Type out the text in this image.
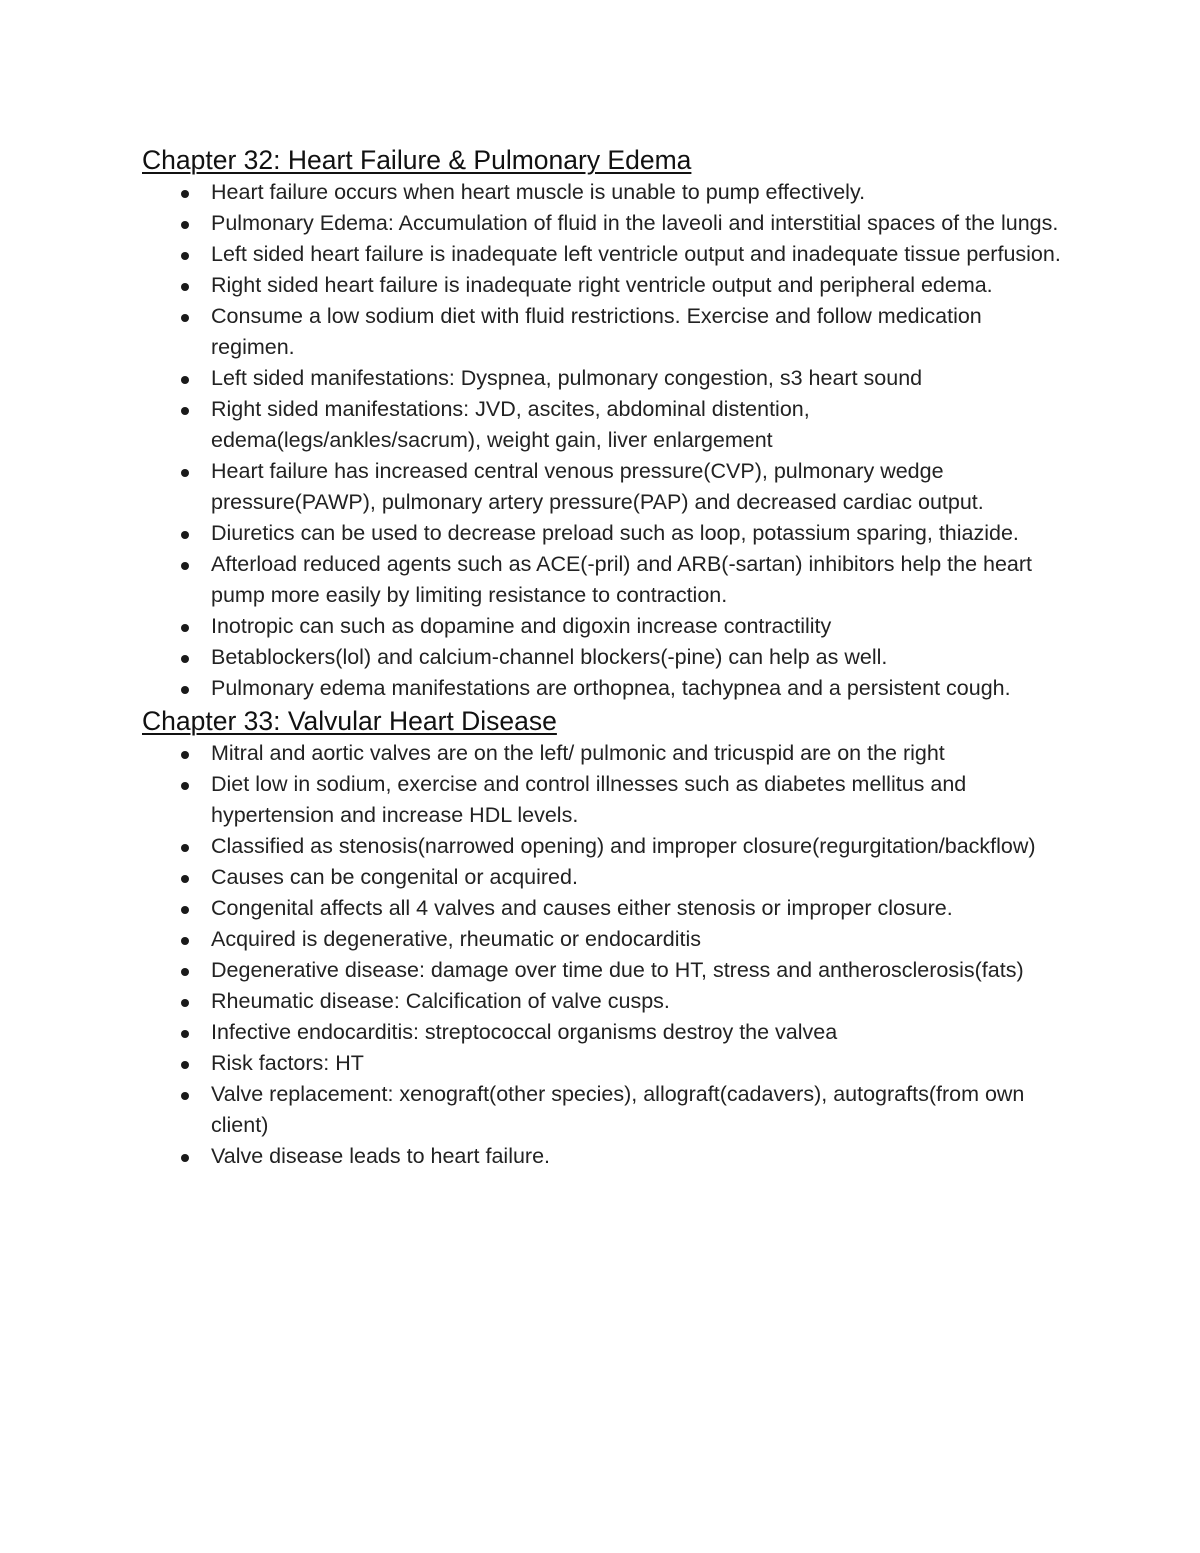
Chapter 32: Heart Failure & Pulmonary Edema
Heart failure occurs when heart muscle is unable to pump effectively.
Pulmonary Edema: Accumulation of fluid in the laveoli and interstitial spaces of the lungs.
Left sided heart failure is inadequate left ventricle output and inadequate tissue perfusion.
Right sided heart failure is inadequate right ventricle output and peripheral edema.
Consume a low sodium diet with fluid restrictions. Exercise and follow medication regimen.
Left sided manifestations: Dyspnea, pulmonary congestion, s3 heart sound
Right sided manifestations: JVD, ascites, abdominal distention, edema(legs/ankles/sacrum), weight gain, liver enlargement
Heart failure has increased central venous pressure(CVP), pulmonary wedge pressure(PAWP), pulmonary artery pressure(PAP) and decreased cardiac output.
Diuretics can be used to decrease preload such as loop, potassium sparing, thiazide.
Afterload reduced agents such as ACE(-pril) and ARB(-sartan) inhibitors help the heart pump more easily by limiting resistance to contraction.
Inotropic can such as dopamine and digoxin increase contractility
Betablockers(lol) and calcium-channel blockers(-pine) can help as well.
Pulmonary edema manifestations are orthopnea, tachypnea and a persistent cough.
Chapter 33: Valvular Heart Disease
Mitral and aortic valves are on the left/ pulmonic and tricuspid are on the right
Diet low in sodium, exercise and control illnesses such as diabetes mellitus and hypertension and increase HDL levels.
Classified as stenosis(narrowed opening) and improper closure(regurgitation/backflow)
Causes can be congenital or acquired.
Congenital affects all 4 valves and causes either stenosis or improper closure.
Acquired is degenerative, rheumatic or endocarditis
Degenerative disease: damage over time due to HT, stress and antherosclerosis(fats)
Rheumatic disease: Calcification of valve cusps.
Infective endocarditis: streptococcal organisms destroy the valvea
Risk factors: HT
Valve replacement: xenograft(other species), allograft(cadavers), autografts(from own client)
Valve disease leads to heart failure.
